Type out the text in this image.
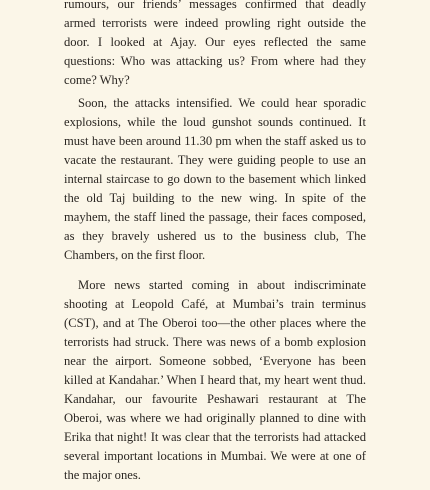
rumours, our friends’ messages confirmed that deadly armed terrorists were indeed prowling right outside the door. I looked at Ajay. Our eyes reflected the same questions: Who was attacking us? From where had they come? Why?

Soon, the attacks intensified. We could hear sporadic explosions, while the loud gunshot sounds continued. It must have been around 11.30 pm when the staff asked us to vacate the restaurant. They were guiding people to use an internal staircase to go down to the basement which linked the old Taj building to the new wing. In spite of the mayhem, the staff lined the passage, their faces composed, as they bravely ushered us to the business club, The Chambers, on the first floor.

More news started coming in about indiscriminate shooting at Leopold Café, at Mumbai’s train terminus (CST), and at The Oberoi too—the other places where the terrorists had struck. There was news of a bomb explosion near the airport. Someone sobbed, ‘Everyone has been killed at Kandahar.’ When I heard that, my heart went thud. Kandahar, our favourite Peshawari restaurant at The Oberoi, was where we had originally planned to dine with Erika that night! It was clear that the terrorists had attacked several important locations in Mumbai. We were at one of the major ones.
